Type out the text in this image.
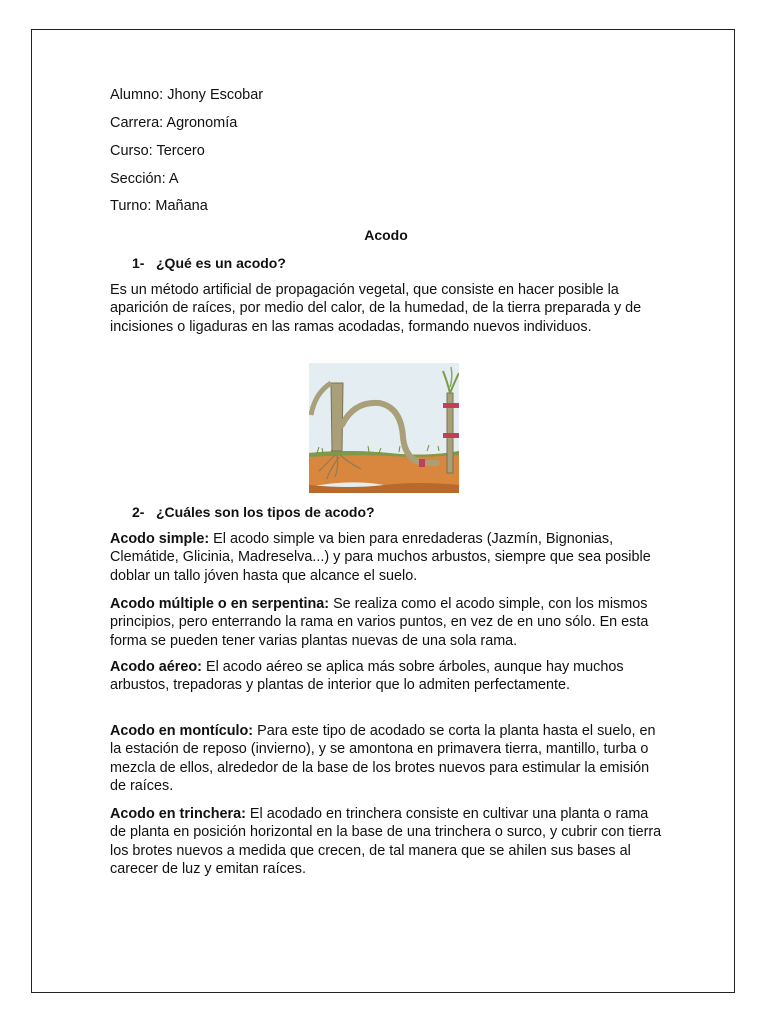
Alumno: Jhony Escobar
Carrera: Agronomía
Curso: Tercero
Sección: A
Turno: Mañana
Acodo
1- ¿Qué es un acodo?
Es un método artificial de propagación vegetal, que consiste en hacer posible la aparición de raíces, por medio del calor, de la humedad, de la tierra preparada y de incisiones o ligaduras en las ramas acodadas, formando nuevos individuos.
2- ¿Cuáles son los tipos de acodo?
Acodo simple: El acodo simple va bien para enredaderas (Jazmín, Bignonias, Clemátide, Glicinia, Madreselva...) y para muchos arbustos, siempre que sea posible doblar un tallo jóven hasta que alcance el suelo.
Acodo múltiple o en serpentina: Se realiza como el acodo simple, con los mismos principios, pero enterrando la rama en varios puntos, en vez de en uno sólo. En esta forma se pueden tener varias plantas nuevas de una sola rama.
Acodo aéreo: El acodo aéreo se aplica más sobre árboles, aunque hay muchos arbustos, trepadoras y plantas de interior que lo admiten perfectamente.
Acodo en montículo: Para este tipo de acodado se corta la planta hasta el suelo, en la estación de reposo (invierno), y se amontona en primavera tierra, mantillo, turba o mezcla de ellos, alrededor de la base de los brotes nuevos para estimular la emisión de raíces.
Acodo en trinchera: El acodado en trinchera consiste en cultivar una planta o rama de planta en posición horizontal en la base de una trinchera o surco, y cubrir con tierra los brotes nuevos a medida que crecen, de tal manera que se ahilen sus bases al carecer de luz y emitan raíces.
